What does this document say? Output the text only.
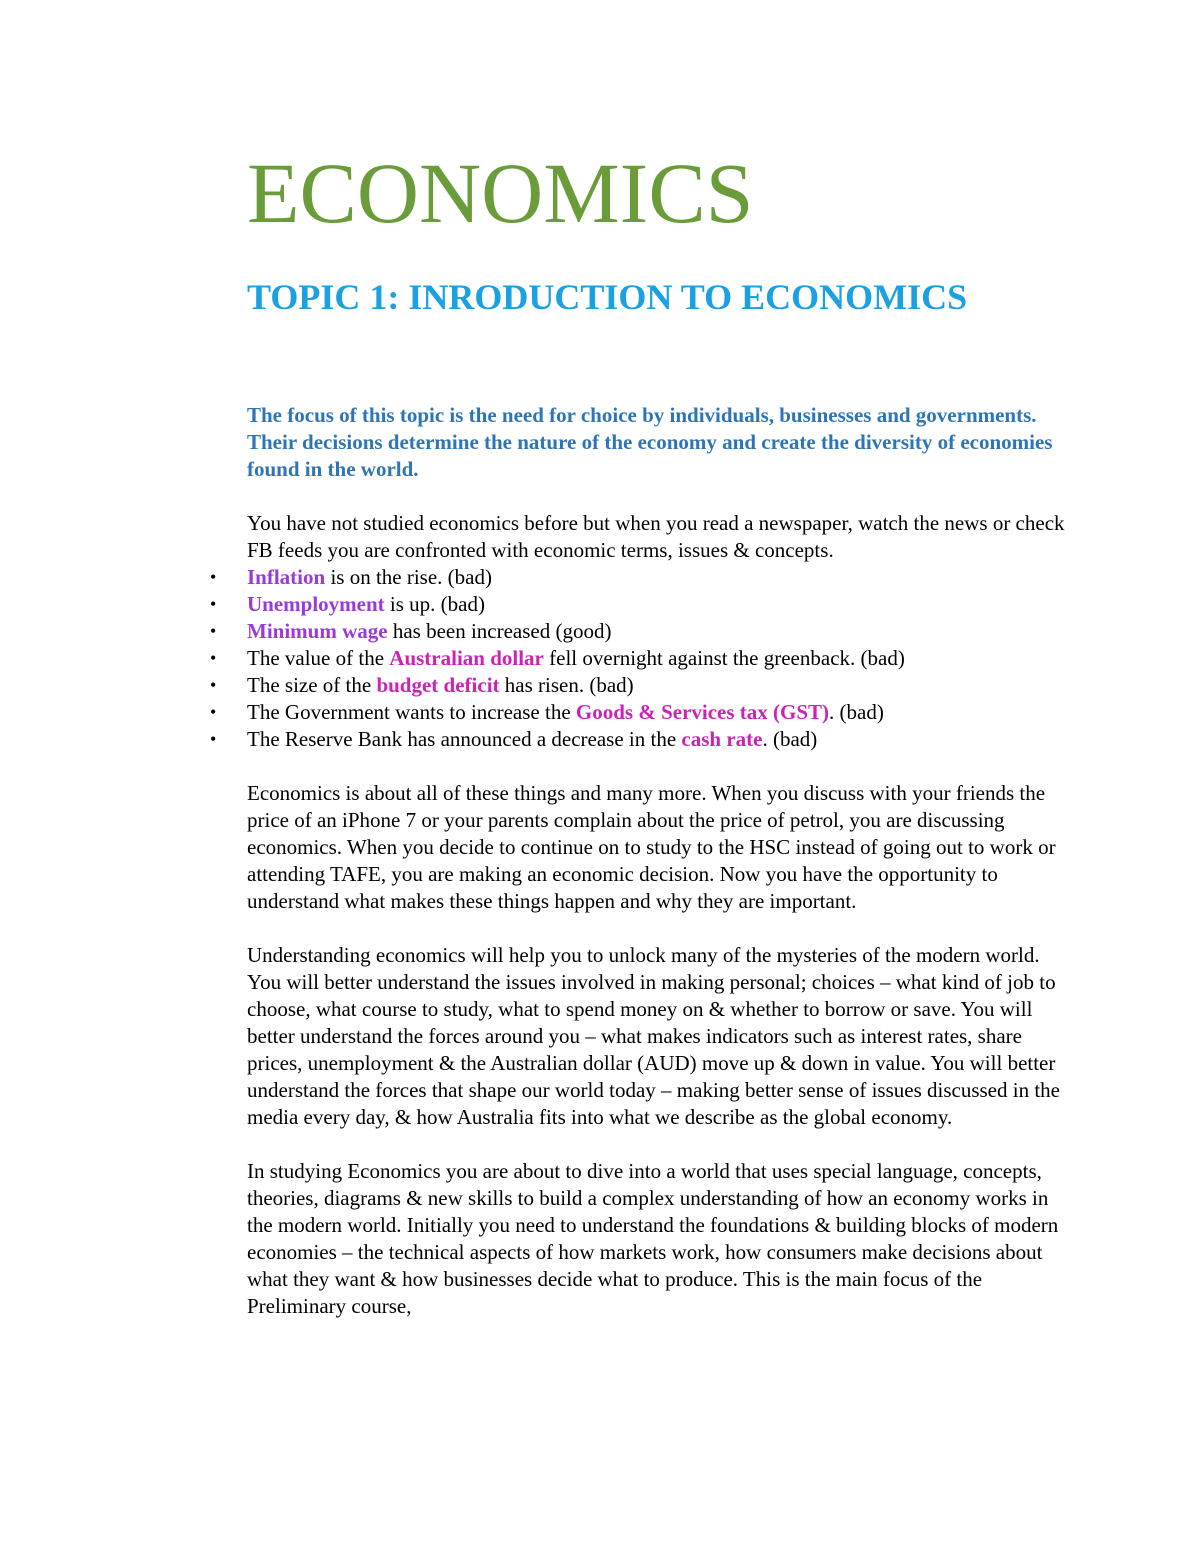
ECONOMICS
TOPIC 1: INRODUCTION TO ECONOMICS
The focus of this topic is the need for choice by individuals, businesses and governments. Their decisions determine the nature of the economy and create the diversity of economies found in the world.

You have not studied economics before but when you read a newspaper, watch the news or check FB feeds you are confronted with economic terms, issues & concepts.

• Inflation is on the rise. (bad)
• Unemployment is up. (bad)
• Minimum wage has been increased (good)
• The value of the Australian dollar fell overnight against the greenback. (bad)
• The size of the budget deficit has risen. (bad)
• The Government wants to increase the Goods & Services tax (GST). (bad)
• The Reserve Bank has announced a decrease in the cash rate. (bad)
Economics is about all of these things and many more. When you discuss with your friends the price of an iPhone 7 or your parents complain about the price of petrol, you are discussing economics. When you decide to continue on to study to the HSC instead of going out to work or attending TAFE, you are making an economic decision. Now you have the opportunity to understand what makes these things happen and why they are important.
Understanding economics will help you to unlock many of the mysteries of the modern world. You will better understand the issues involved in making personal; choices – what kind of job to choose, what course to study, what to spend money on & whether to borrow or save. You will better understand the forces around you – what makes indicators such as interest rates, share prices, unemployment & the Australian dollar (AUD) move up & down in value. You will better understand the forces that shape our world today – making better sense of issues discussed in the media every day, & how Australia fits into what we describe as the global economy.
In studying Economics you are about to dive into a world that uses special language, concepts, theories, diagrams & new skills to build a complex understanding of how an economy works in the modern world. Initially you need to understand the foundations & building blocks of modern economies – the technical aspects of how markets work, how consumers make decisions about what they want & how businesses decide what to produce. This is the main focus of the Preliminary course,
